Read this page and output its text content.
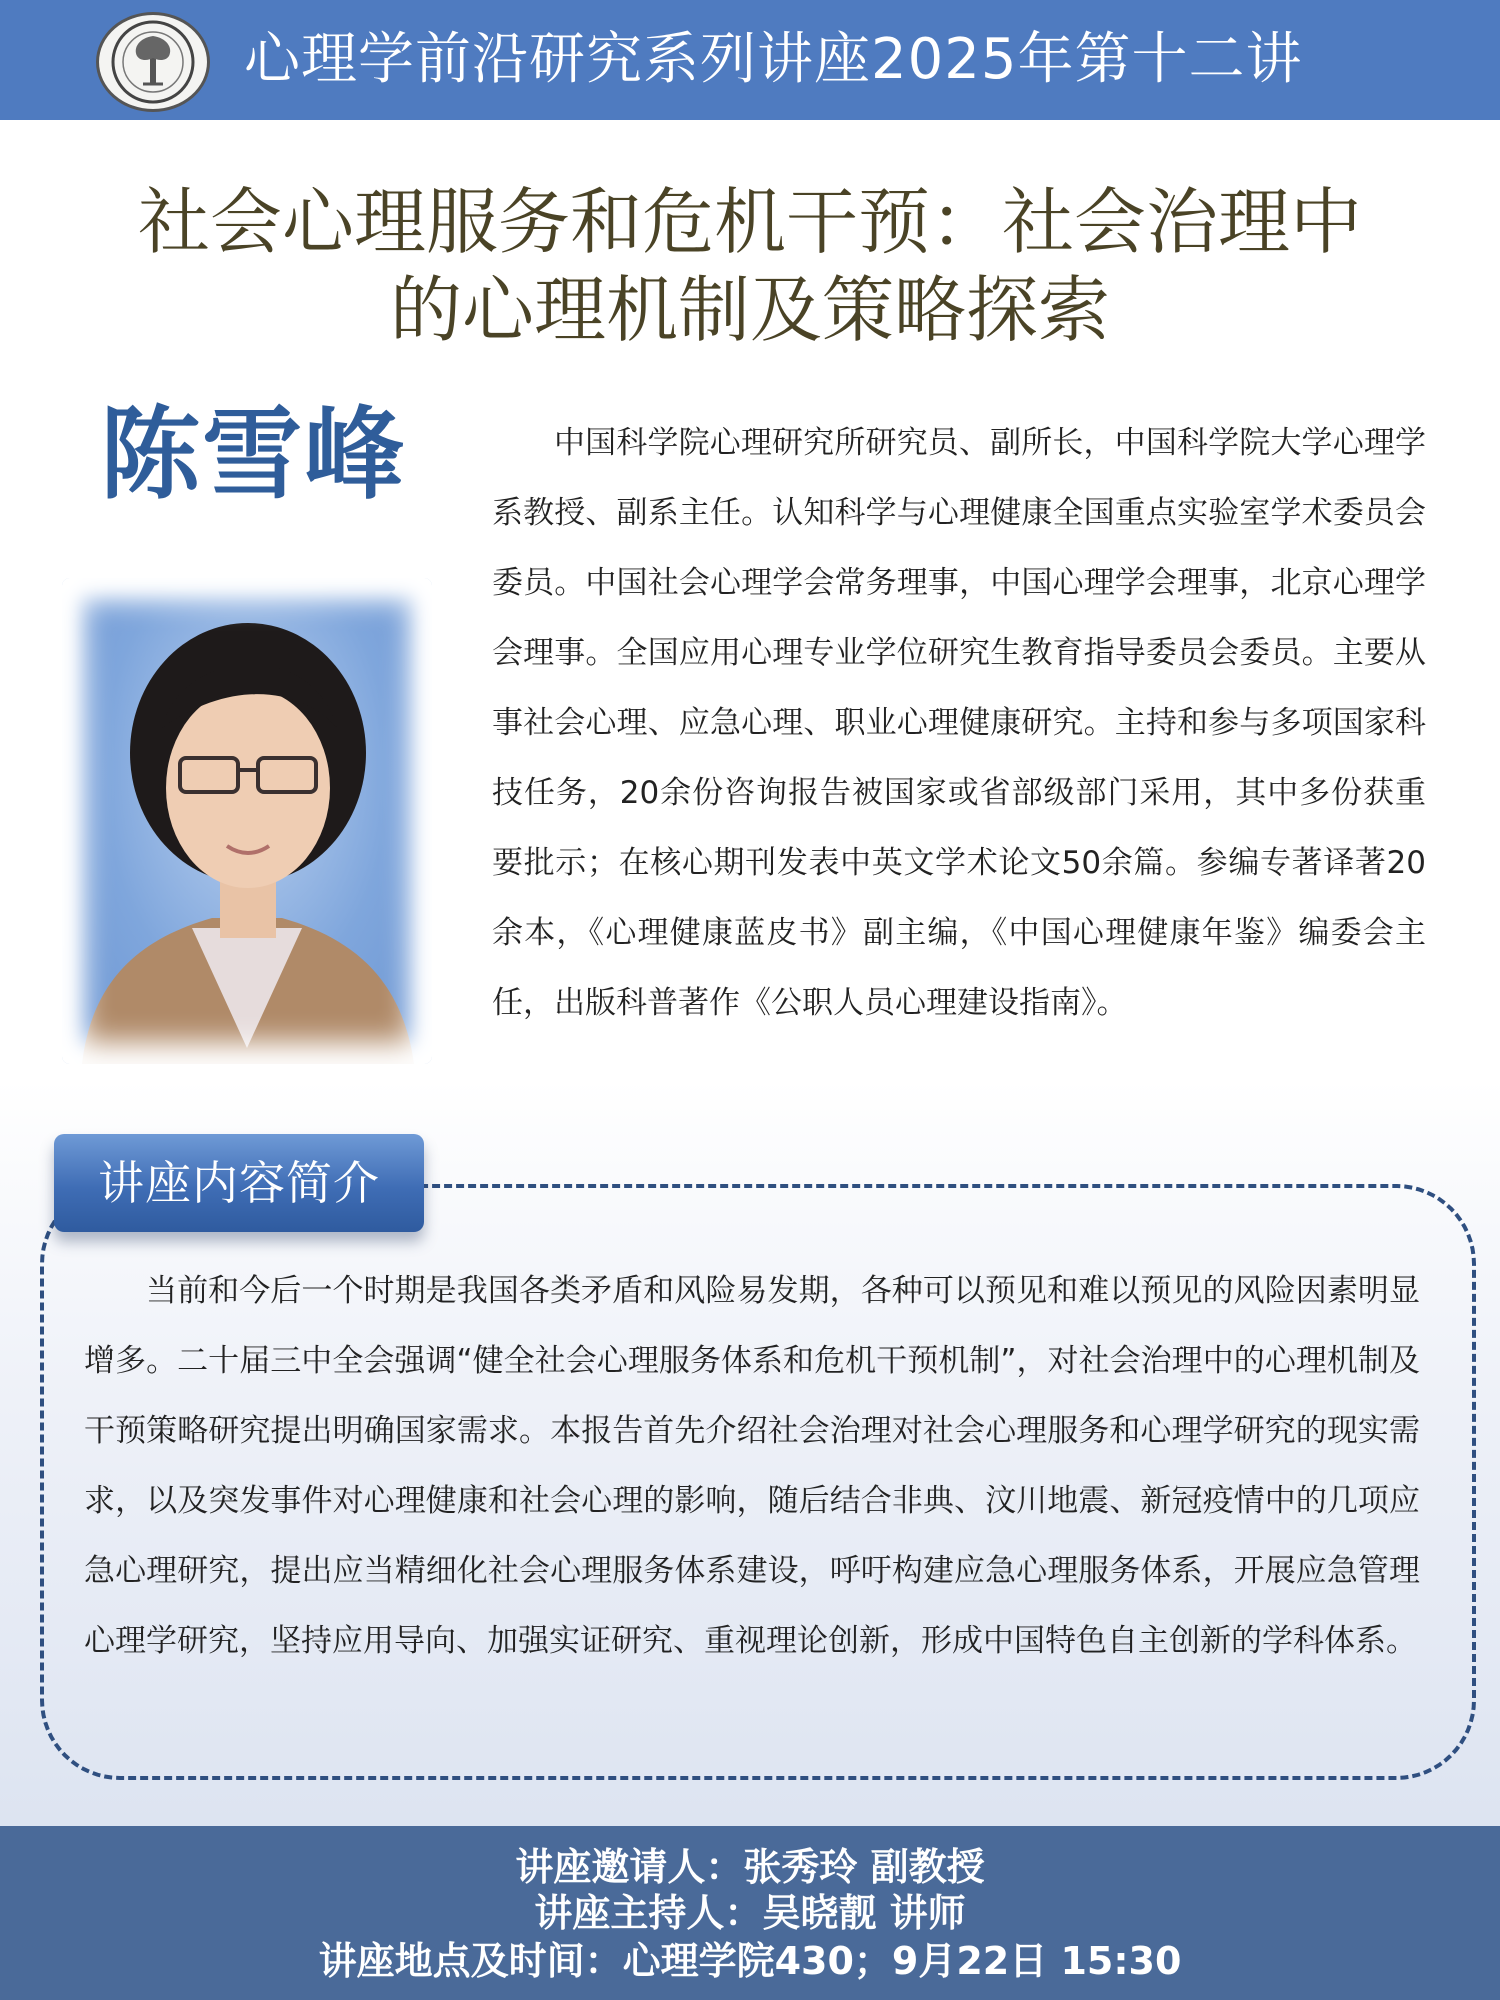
心理学前沿研究系列讲座2025年第十二讲
社会心理服务和危机干预：社会治理中
的心理机制及策略探索
陈雪峰	中国科学院心理研究所研究员、副所长，中国科学院大学心理学系教授、副系主任。认知科学与心理健康全国重点实验室学术委员会委员。中国社会心理学会常务理事，中国心理学会理事，北京心理学会理事。全国应用心理专业学位研究生教育指导委员会委员。主要从事社会心理、应急心理、职业心理健康研究。主持和参与多项国家科技任务，20余份咨询报告被国家或省部级部门采用，其中多份获重要批示；在核心期刊发表中英文学术论文50余篇。参编专著译著20余本，《心理健康蓝皮书》副主编，《中国心理健康年鉴》编委会主任，出版科普著作《公职人员心理建设指南》。

讲座内容简介

当前和今后一个时期是我国各类矛盾和风险易发期，各种可以预见和难以预见的风险因素明显增多。二十届三中全会强调“健全社会心理服务体系和危机干预机制”，对社会治理中的心理机制及干预策略研究提出明确国家需求。本报告首先介绍社会治理对社会心理服务和心理学研究的现实需求，以及突发事件对心理健康和社会心理的影响，随后结合非典、汶川地震、新冠疫情中的几项应急心理研究，提出应当精细化社会心理服务体系建设，呼吁构建应急心理服务体系，开展应急管理心理学研究，坚持应用导向、加强实证研究、重视理论创新，形成中国特色自主创新的学科体系。

讲座邀请人：张秀玲 副教授
讲座主持人：吴晓靓 讲师
讲座地点及时间：心理学院430；9月22日 15:30
